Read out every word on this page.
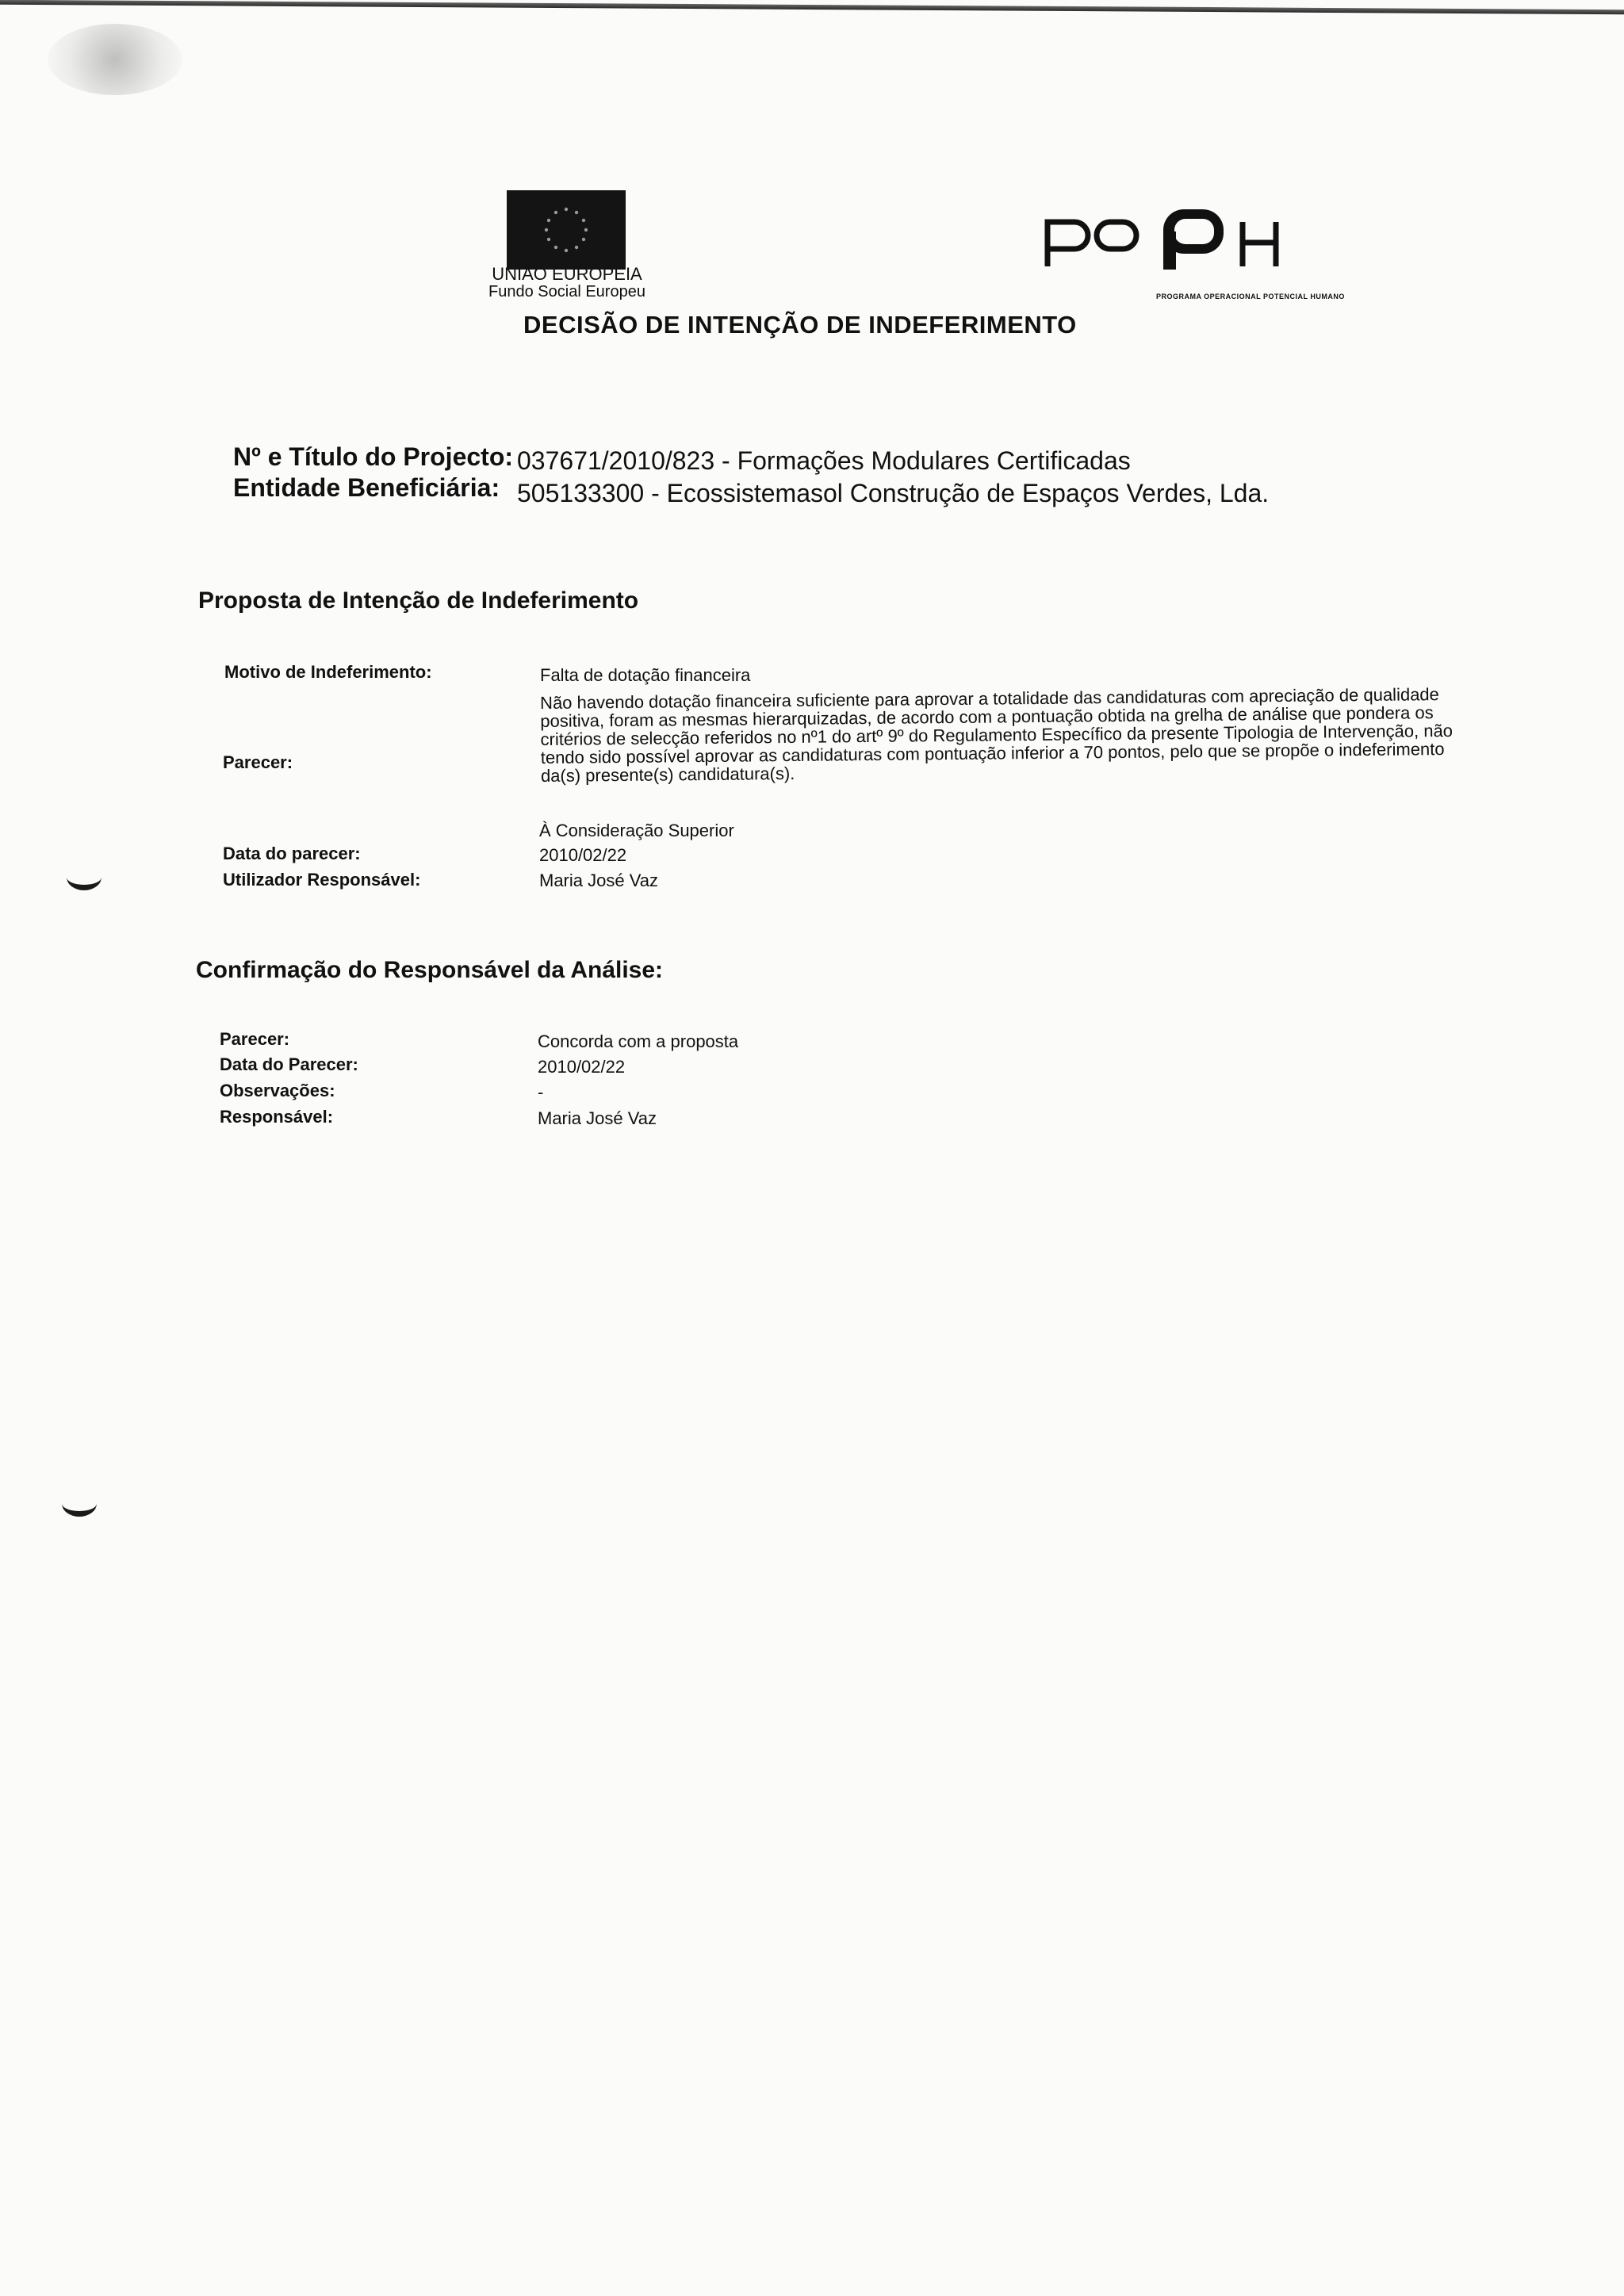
UNIÃO EUROPEIA
Fundo Social Europeu	PROGRAMA OPERACIONAL POTENCIAL HUMANO
DECISÃO DE INTENÇÃO DE INDEFERIMENTO
Nº e Título do Projecto: 037671/2010/823 - Formações Modulares Certificadas
Entidade Beneficiária: 505133300 - Ecossistemasol Construção de Espaços Verdes, Lda.
Proposta de Intenção de Indeferimento
Motivo de Indeferimento:	Falta de dotação financeira
Parecer:
Não havendo dotação financeira suficiente para aprovar a totalidade das candidaturas com apreciação de qualidade positiva, foram as mesmas hierarquizadas, de acordo com a pontuação obtida na grelha de análise que pondera os critérios de selecção referidos no nº1 do artº 9º do Regulamento Específico da presente Tipologia de Intervenção, não tendo sido possível aprovar as candidaturas com pontuação inferior a 70 pontos, pelo que se propõe o indeferimento da(s) presente(s) candidatura(s).
À Consideração Superior
Data do parecer:	2010/02/22
Utilizador Responsável:	Maria José Vaz
Confirmação do Responsável da Análise:
Parecer:	Concorda com a proposta
Data do Parecer:	2010/02/22
Observações:	-
Responsável:	Maria José Vaz
